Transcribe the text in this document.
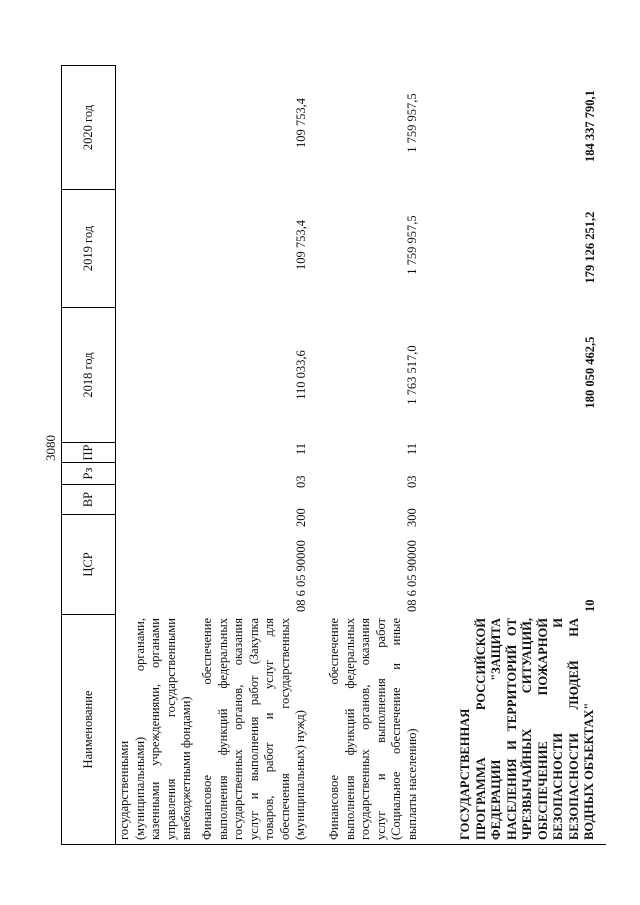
3080
Наименование
ЦСР
ВР
Рз
ПР
2018 год
2019 год
2020 год
государственными (муниципальными) органами, казенными учреждениями, органами управления государственными внебюджетными фондами) Финансовое обеспечение выполнения функций федеральных государственных органов, оказания услуг и выполнения работ (Закупка товаров, работ и услуг для обеспечения государственных (муниципальных) нужд)
08 6 05 90000
200
03
11
110 033,6
109 753,4
109 753,4
Финансовое обеспечение выполнения функций федеральных государственных органов, оказания услуг и выполнения работ (Социальное обеспечение и иные выплаты населению)
08 6 05 90000
300
03
11
1 763 517,0
1 759 957,5
1 759 957,5
ГОСУДАРСТВЕННАЯ ПРОГРАММА РОССИЙСКОЙ ФЕДЕРАЦИИ "ЗАЩИТА НАСЕЛЕНИЯ И ТЕРРИТОРИЙ ОТ ЧРЕЗВЫЧАЙНЫХ СИТУАЦИЙ, ОБЕСПЕЧЕНИЕ ПОЖАРНОЙ БЕЗОПАСНОСТИ И БЕЗОПАСНОСТИ ЛЮДЕЙ НА ВОДНЫХ ОБЪЕКТАХ"
10
180 050 462,5
179 126 251,2
184 337 790,1
